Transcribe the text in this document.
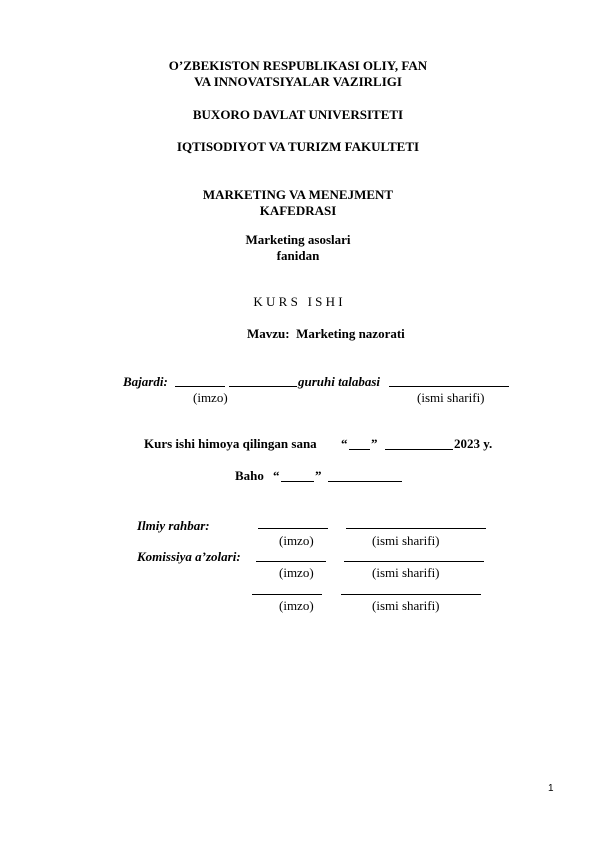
O’ZBEKISTON RESPUBLIKASI OLIY, FAN
VA INNOVATSIYALAR VAZIRLIGI
BUXORO DAVLAT UNIVERSITETI
IQTISODIYOT VA TURIZM FAKULTETI
MARKETING VA MENEJMENT
KAFEDRASI
Marketing asoslari
fanidan
K U R S   I S H I
Mavzu: Marketing nazorati
Bajardi:	guruhi talabasi
(imzo)	(ismi sharifi)
Kurs ishi himoya qilingan sana “ ”	2023 y.
Baho “	”
Ilmiy rahbar:
(imzo)	(ismi sharifi)
Komissiya a’zolari:
(imzo)	(ismi sharifi)
(imzo)	(ismi sharifi)
1
